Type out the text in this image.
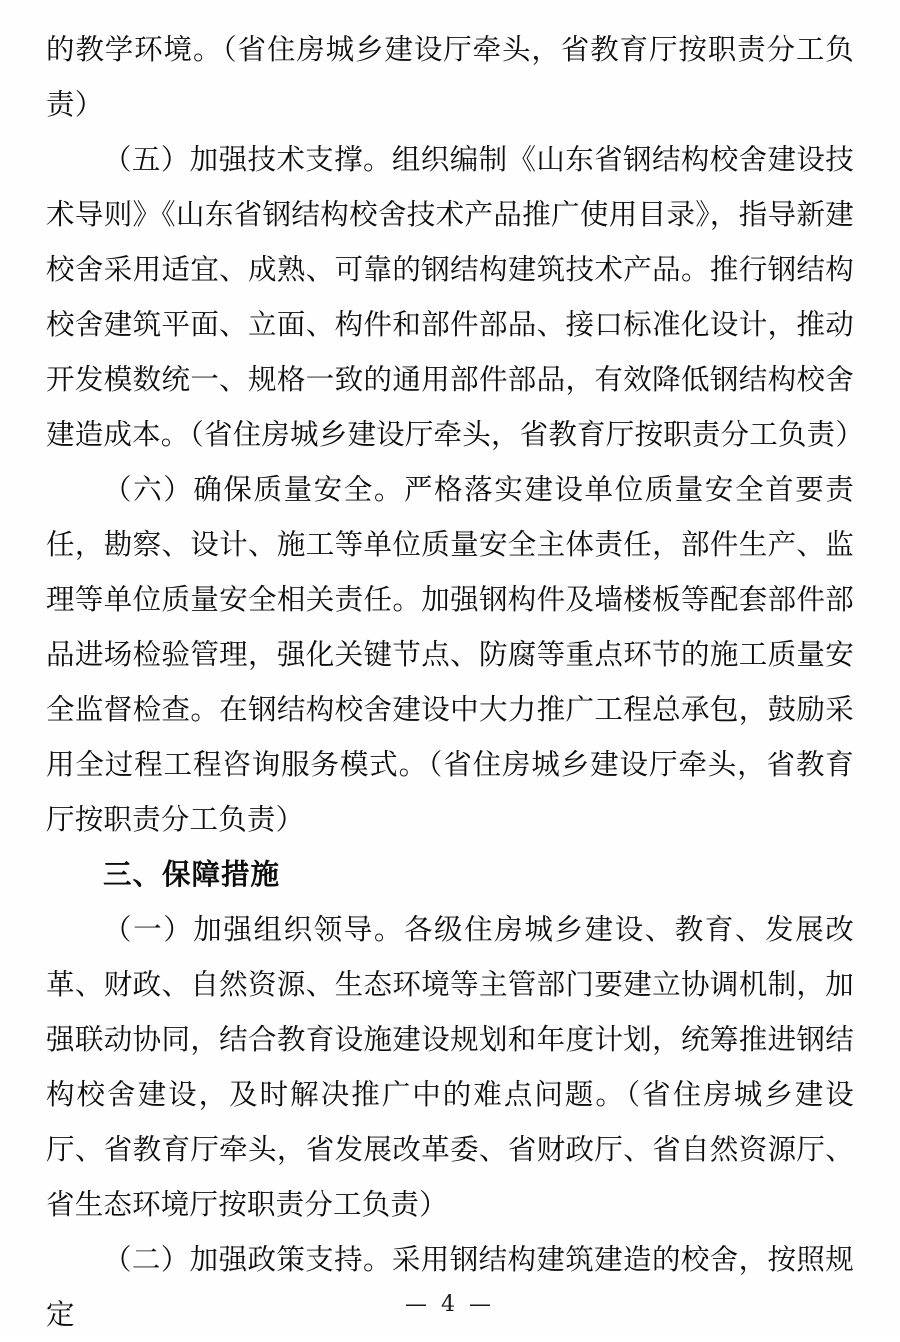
的教学环境。（省住房城乡建设厅牵头，省教育厅按职责分工负责）

（五）加强技术支撑。组织编制《山东省钢结构校舍建设技术导则》《山东省钢结构校舍技术产品推广使用目录》，指导新建校舍采用适宜、成熟、可靠的钢结构建筑技术产品。推行钢结构校舍建筑平面、立面、构件和部件部品、接口标准化设计，推动开发模数统一、规格一致的通用部件部品，有效降低钢结构校舍建造成本。（省住房城乡建设厅牵头，省教育厅按职责分工负责）

（六）确保质量安全。严格落实建设单位质量安全首要责任，勘察、设计、施工等单位质量安全主体责任，部件生产、监理等单位质量安全相关责任。加强钢构件及墙楼板等配套部件部品进场检验管理，强化关键节点、防腐等重点环节的施工质量安全监督检查。在钢结构校舍建设中大力推广工程总承包，鼓励采用全过程工程咨询服务模式。（省住房城乡建设厅牵头，省教育厅按职责分工负责）

三、保障措施

（一）加强组织领导。各级住房城乡建设、教育、发展改革、财政、自然资源、生态环境等主管部门要建立协调机制，加强联动协同，结合教育设施建设规划和年度计划，统筹推进钢结构校舍建设，及时解决推广中的难点问题。（省住房城乡建设厅、省教育厅牵头，省发展改革委、省财政厅、省自然资源厅、省生态环境厅按职责分工负责）

（二）加强政策支持。采用钢结构建筑建造的校舍，按照规定	— 4 —
